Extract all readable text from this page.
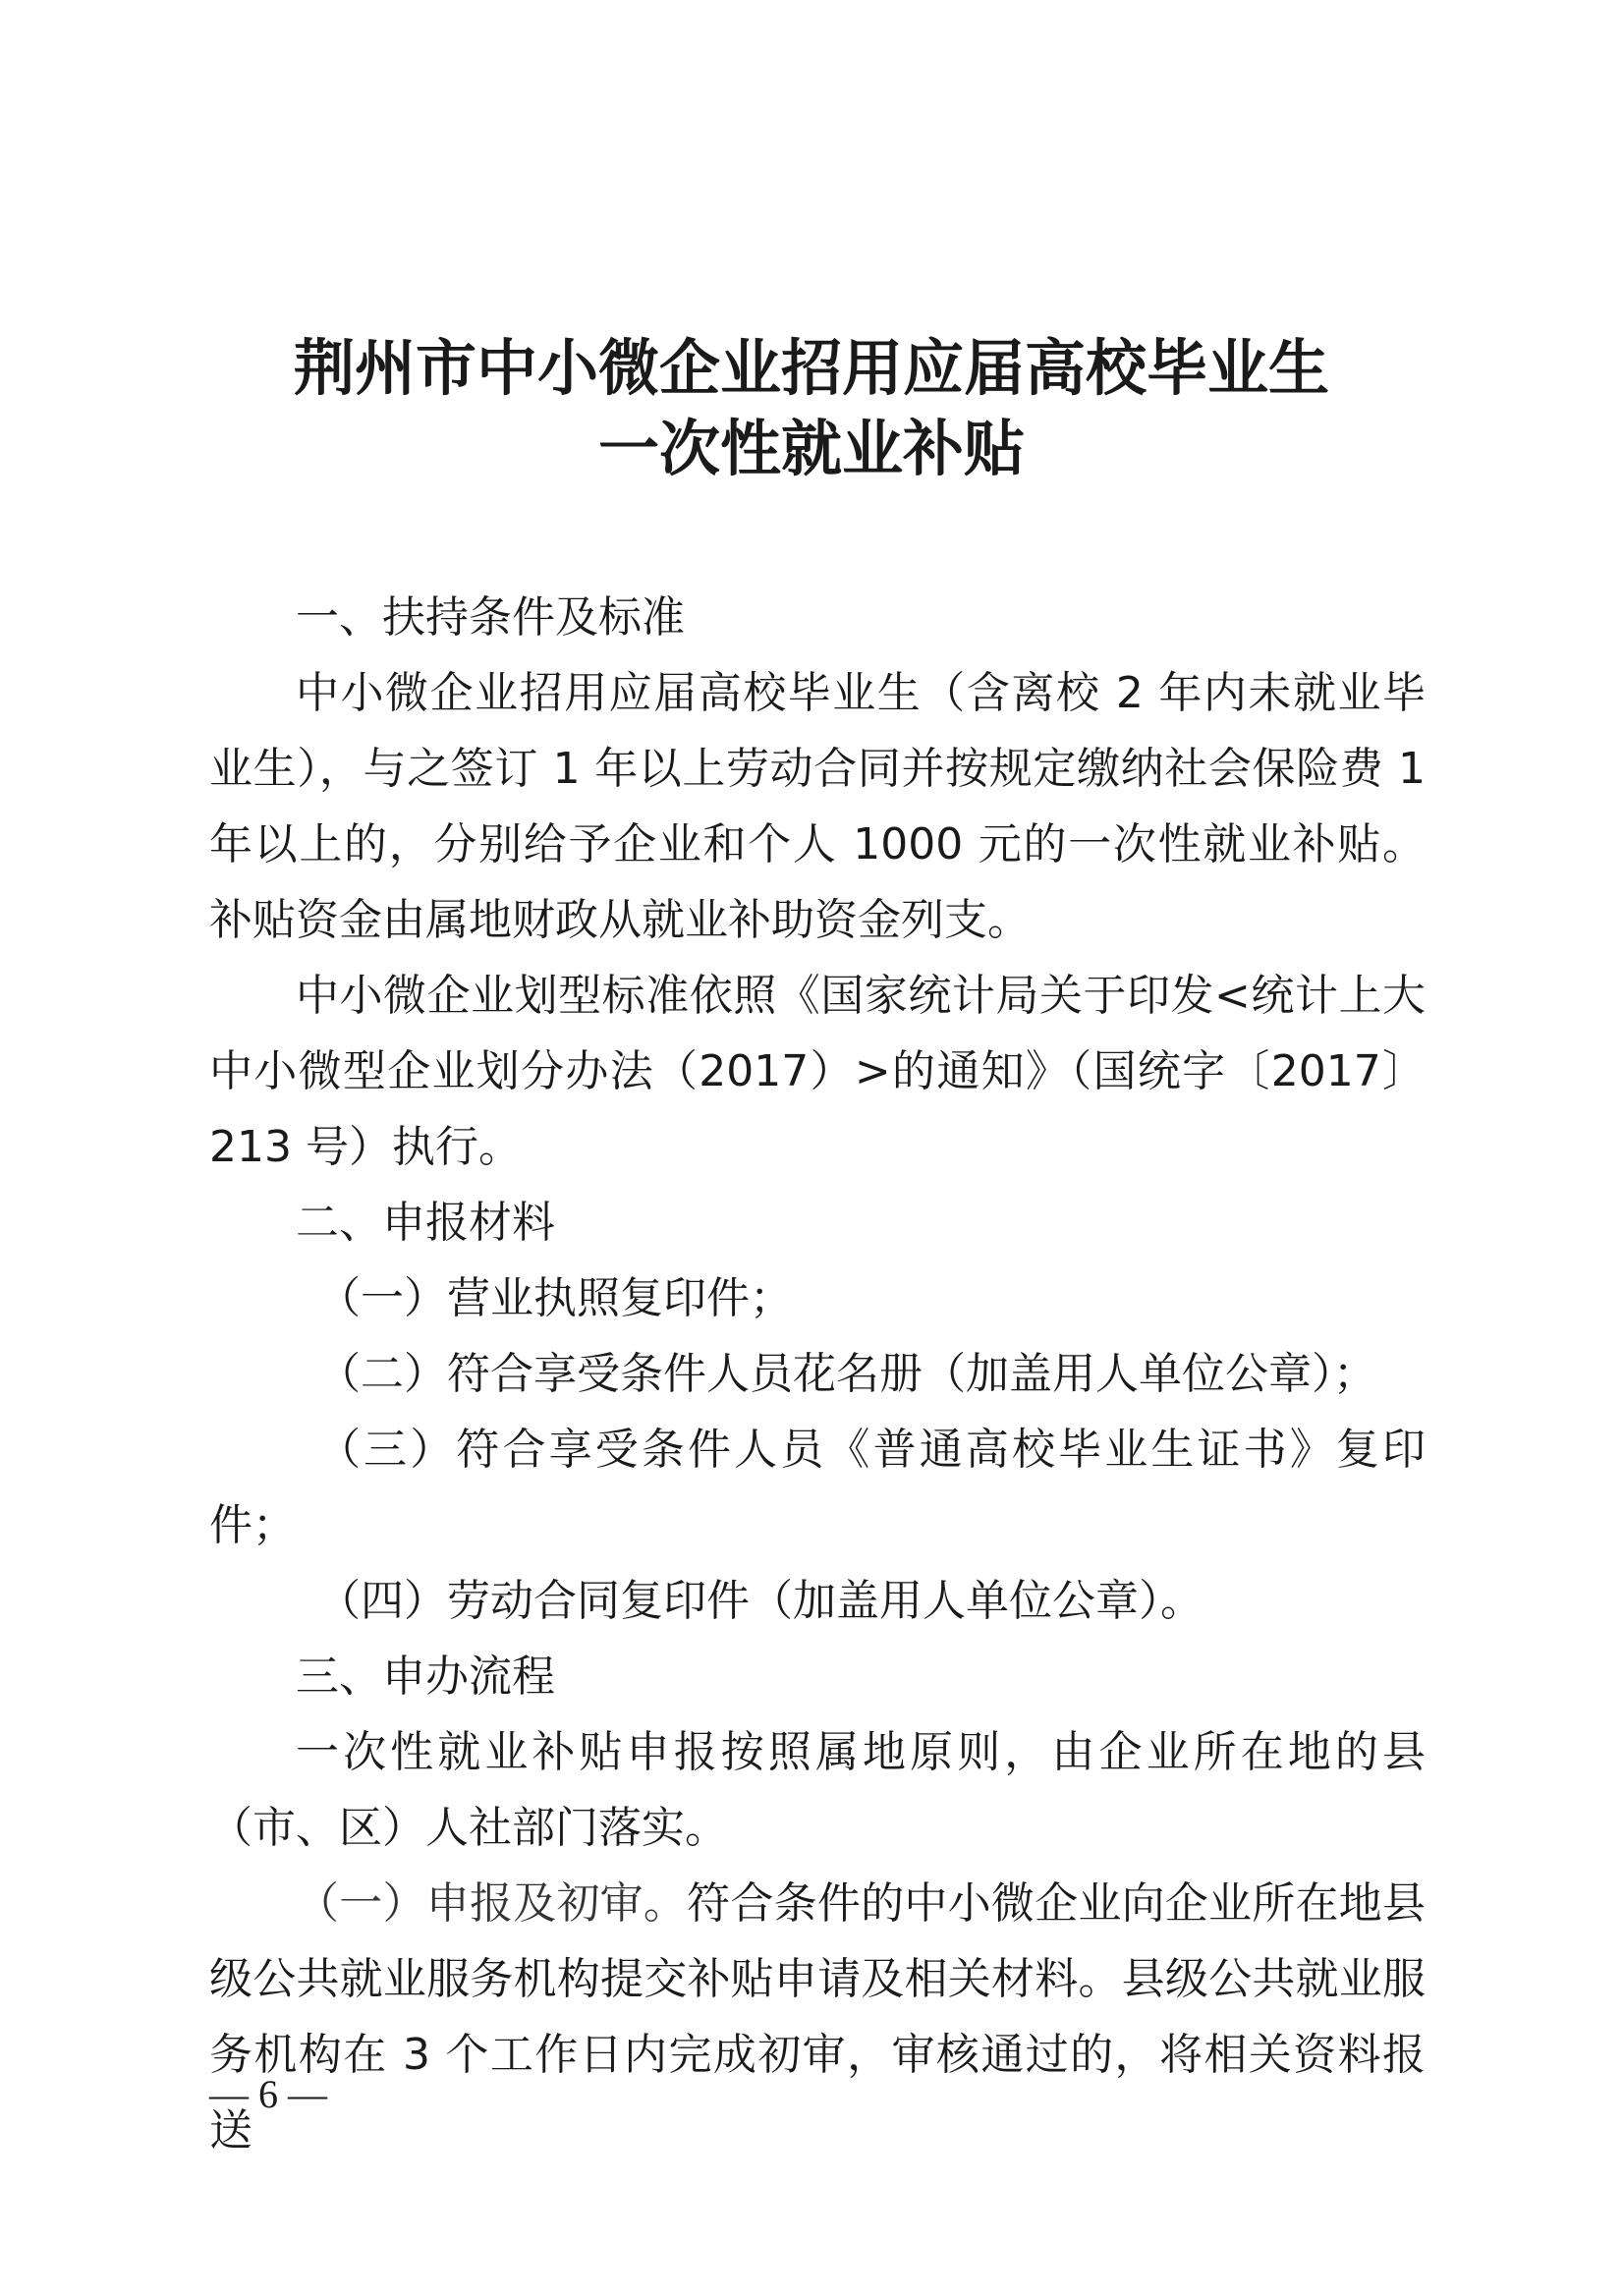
荆州市中小微企业招用应届高校毕业生
一次性就业补贴

一、扶持条件及标准

中小微企业招用应届高校毕业生（含离校 2 年内未就业毕业生），与之签订 1 年以上劳动合同并按规定缴纳社会保险费 1 年以上的，分别给予企业和个人 1000 元的一次性就业补贴。补贴资金由属地财政从就业补助资金列支。

中小微企业划型标准依照《国家统计局关于印发<统计上大中小微型企业划分办法（2017）>的通知》（国统字〔2017〕213 号）执行。

二、申报材料

（一）营业执照复印件；

（二）符合享受条件人员花名册（加盖用人单位公章）；

（三）符合享受条件人员《普通高校毕业生证书》复印件；

（四）劳动合同复印件（加盖用人单位公章）。

三、申办流程

一次性就业补贴申报按照属地原则，由企业所在地的县（市、区）人社部门落实。

（一）申报及初审。符合条件的中小微企业向企业所在地县级公共就业服务机构提交补贴申请及相关材料。县级公共就业服务机构在 3 个工作日内完成初审，审核通过的，将相关资料报送

— 6 —
